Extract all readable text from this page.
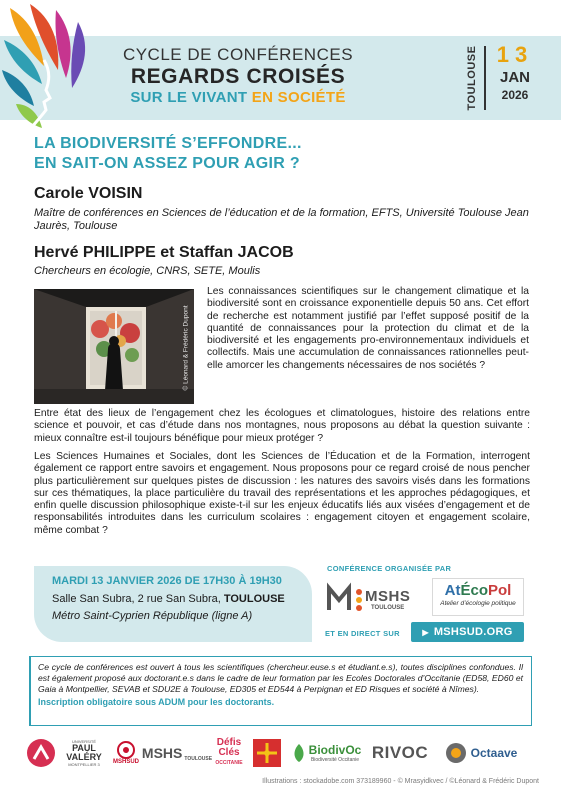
CYCLE DE CONFÉRENCES
REGARDS CROISÉS
SUR LE VIVANT EN SOCIÉTÉ	TOULOUSE 13
JAN
2026
LA BIODIVERSITÉ S’EFFONDRE...
EN SAIT-ON ASSEZ POUR AGIR ?
Carole VOISIN
Maître de conférences en Sciences de l’éducation et de la formation, EFTS, Université Toulouse Jean Jaurès, Toulouse
Hervé PHILIPPE et Staffan JACOB
Chercheurs en écologie, CNRS, SETE, Moulis
© Léonard & Frédéric Dupont

Les connaissances scientifiques sur le changement climatique et la biodiversité sont en croissance exponentielle depuis 50 ans. Cet effort de recherche est notamment justifié par l’effet supposé positif de la quantité de connaissances pour la protection du climat et de la biodiversité et les engagements pro-environnementaux individuels et collectifs. Mais une accumulation de connaissances rationnelles peut-elle amorcer les changements nécessaires de nos sociétés ?

Entre état des lieux de l’engagement chez les écologues et climatologues, histoire des relations entre science et pouvoir, et cas d’étude dans nos montagnes, nous proposons au débat la question suivante : mieux connaître est-il toujours bénéfique pour mieux protéger ?

Les Sciences Humaines et Sociales, dont les Sciences de l’Éducation et de la Formation, interrogent également ce rapport entre savoirs et engagement. Nous proposons pour ce regard croisé de nous pencher plus particulièrement sur quelques pistes de discussion : les natures des savoirs visés dans les formations sur ces thématiques, la place particulière du travail des représentations et les approches pédagogiques, et enfin quelle discussion philosophique existe-t-il sur les enjeux éducatifs liés aux visées d’engagement et de responsabilités introduites dans les curriculum scolaires : engagement citoyen et engagement scolaire, même combat ?

MARDI 13 JANVIER 2026 DE 17H30 À 19H30
Salle San Subra, 2 rue San Subra, TOULOUSE
Métro Saint-Cyprien République (ligne A)
CONFÉRENCE ORGANISÉE PAR
MSHS
TOULOUSE
AtÉcoPol
Atelier d’écologie politique
ET EN DIRECT SUR	▶ MSHSUD.ORG

Ce cycle de conférences est ouvert à tous les scientifiques (chercheur.euse.s et étudiant.e.s), toutes disciplines confondues. Il est également proposé aux doctorant.e.s dans le cadre de leur formation par les Ecoles Doctorales d’Occitanie (ED58, ED60 et Gaia à Montpellier, SEVAB et SDU2E à Toulouse, ED305 et ED544 à Perpignan et ED Risques et société à Nîmes).

Inscription obligatoire sous ADUM pour les doctorants.
UNIVERSITÉ
PAUL
VALÉRY
MONTPELLIER 3 MSHSUD
MSHS TOULOUSE
Défis
Clés
OCCITANIE
BiodivOc
Biodiversité Occitanie RIVOC	Octaave
Illustrations : stockadobe.com 373189960 - © Mrasyidkvec / ©Léonard & Frédéric Dupont
